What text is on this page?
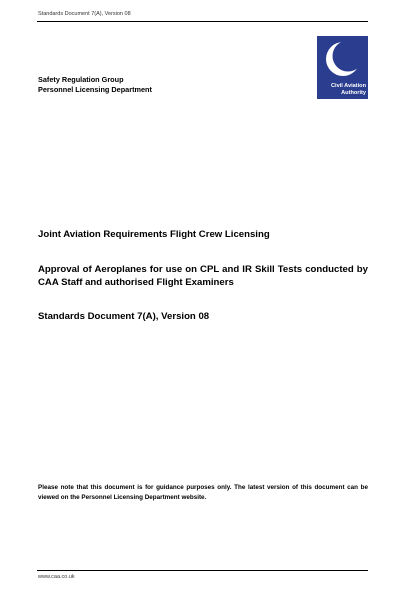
Standards Document 7(A), Version 08
Civil Aviation
Authority
Safety Regulation Group
Personnel Licensing Department
Joint Aviation Requirements Flight Crew Licensing
Approval of Aeroplanes for use on CPL and IR Skill Tests conducted by CAA Staff and authorised Flight Examiners
Standards Document 7(A), Version 08
Please note that this document is for guidance purposes only. The latest version of this document can be viewed on the Personnel Licensing Department website.
www.caa.co.uk
